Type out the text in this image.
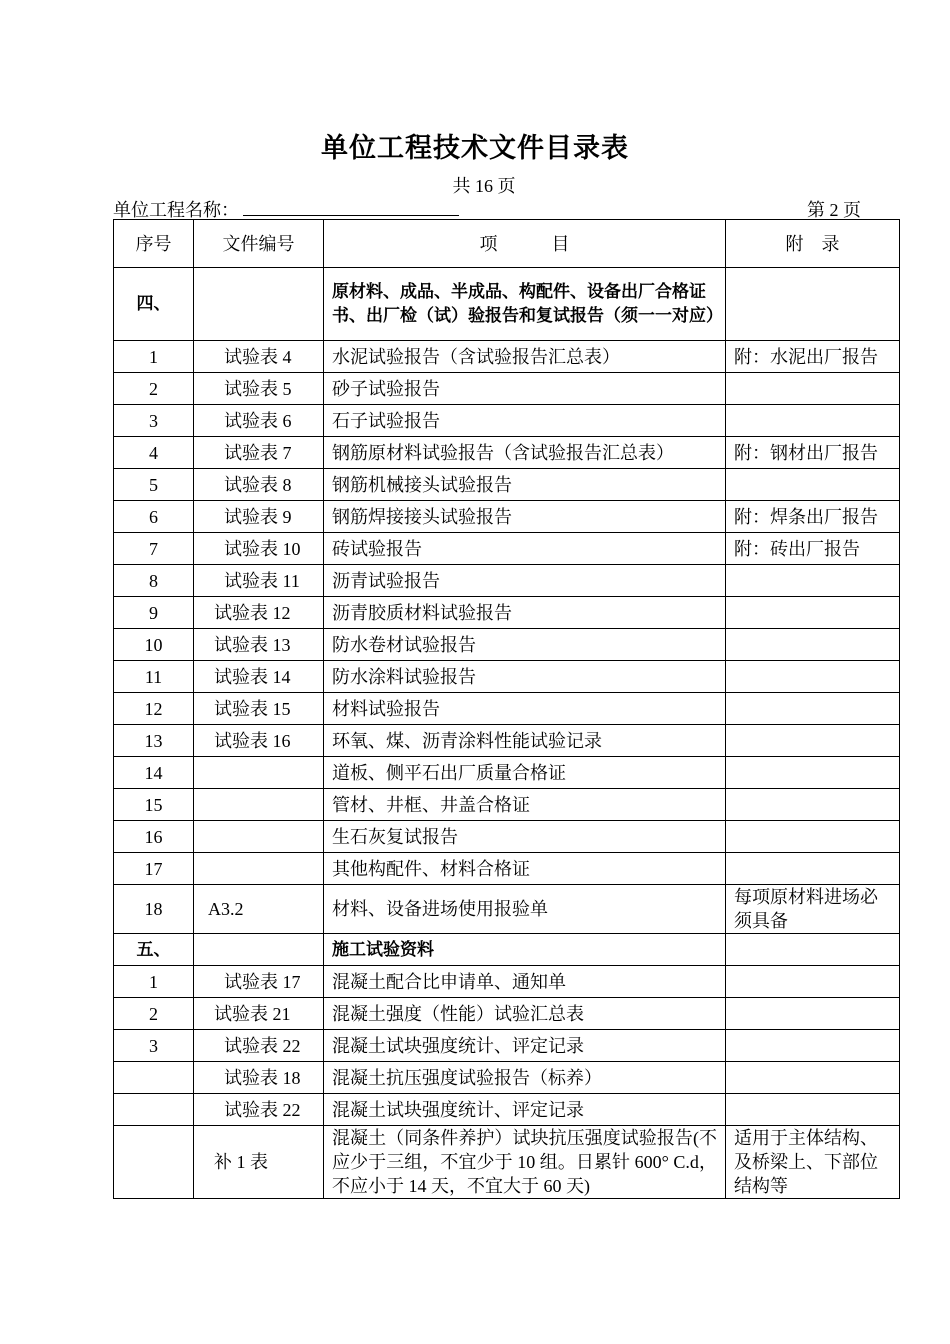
单位工程技术文件目录表
共 16 页
单位工程名称：	第 2 页
序号	文件编号	项            目	附    录
四、		原材料、成品、半成品、构配件、设备出厂合格证书、出厂检（试）验报告和复试报告（须一一对应）	
1	试验表 4	水泥试验报告（含试验报告汇总表）	附：水泥出厂报告
2	试验表 5	砂子试验报告	
3	试验表 6	石子试验报告	
4	试验表 7	钢筋原材料试验报告（含试验报告汇总表）	附：钢材出厂报告
5	试验表 8	钢筋机械接头试验报告	
6	试验表 9	钢筋焊接接头试验报告	附：焊条出厂报告
7	试验表 10	砖试验报告	附：砖出厂报告
8	试验表 11	沥青试验报告	
9	试验表 12	沥青胶质材料试验报告	
10	试验表 13	防水卷材试验报告	
11	试验表 14	防水涂料试验报告	
12	试验表 15	材料试验报告	
13	试验表 16	环氧、煤、沥青涂料性能试验记录	
14		道板、侧平石出厂质量合格证	
15		管材、井框、井盖合格证	
16		生石灰复试报告	
17		其他构配件、材料合格证	
18	A3.2	材料、设备进场使用报验单	每项原材料进场必须具备
五、		施工试验资料	
1	试验表 17	混凝土配合比申请单、通知单	
2	试验表 21	混凝土强度（性能）试验汇总表	
3	试验表 22	混凝土试块强度统计、评定记录	
	试验表 18	混凝土抗压强度试验报告（标养）	
	试验表 22	混凝土试块强度统计、评定记录	
	补 1 表	混凝土（同条件养护）试块抗压强度试验报告(不应少于三组，不宜少于 10 组。日累针 600° C.d，不应小于 14 天，不宜大于 60 天)	适用于主体结构、及桥梁上、下部位结构等
